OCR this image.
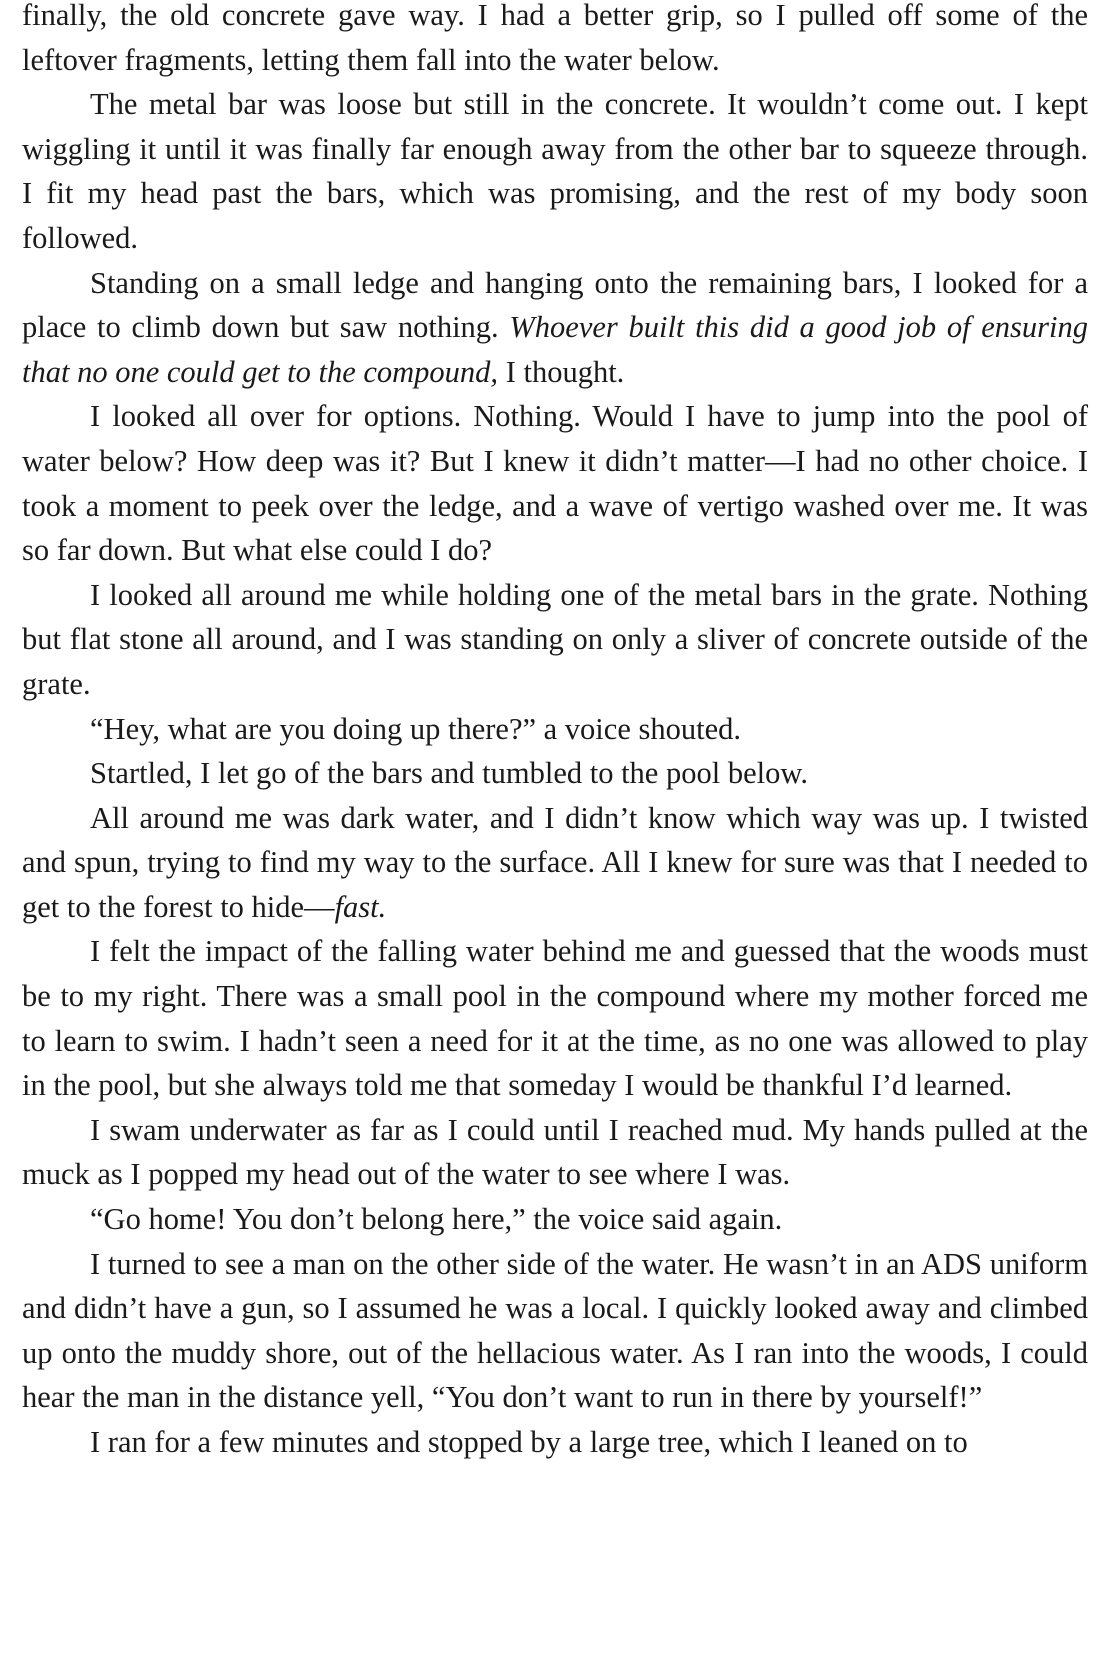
finally, the old concrete gave way. I had a better grip, so I pulled off some of the leftover fragments, letting them fall into the water below.

The metal bar was loose but still in the concrete. It wouldn’t come out. I kept wiggling it until it was finally far enough away from the other bar to squeeze through. I fit my head past the bars, which was promising, and the rest of my body soon followed.

Standing on a small ledge and hanging onto the remaining bars, I looked for a place to climb down but saw nothing. Whoever built this did a good job of ensuring that no one could get to the compound, I thought.

I looked all over for options. Nothing. Would I have to jump into the pool of water below? How deep was it? But I knew it didn’t matter—I had no other choice. I took a moment to peek over the ledge, and a wave of vertigo washed over me. It was so far down. But what else could I do?

I looked all around me while holding one of the metal bars in the grate. Nothing but flat stone all around, and I was standing on only a sliver of concrete outside of the grate.

“Hey, what are you doing up there?” a voice shouted.

Startled, I let go of the bars and tumbled to the pool below.

All around me was dark water, and I didn’t know which way was up. I twisted and spun, trying to find my way to the surface. All I knew for sure was that I needed to get to the forest to hide—fast.

I felt the impact of the falling water behind me and guessed that the woods must be to my right. There was a small pool in the compound where my mother forced me to learn to swim. I hadn’t seen a need for it at the time, as no one was allowed to play in the pool, but she always told me that someday I would be thankful I’d learned.

I swam underwater as far as I could until I reached mud. My hands pulled at the muck as I popped my head out of the water to see where I was.

“Go home! You don’t belong here,” the voice said again.

I turned to see a man on the other side of the water. He wasn’t in an ADS uniform and didn’t have a gun, so I assumed he was a local. I quickly looked away and climbed up onto the muddy shore, out of the hellacious water. As I ran into the woods, I could hear the man in the distance yell, “You don’t want to run in there by yourself!”

I ran for a few minutes and stopped by a large tree, which I leaned on to
